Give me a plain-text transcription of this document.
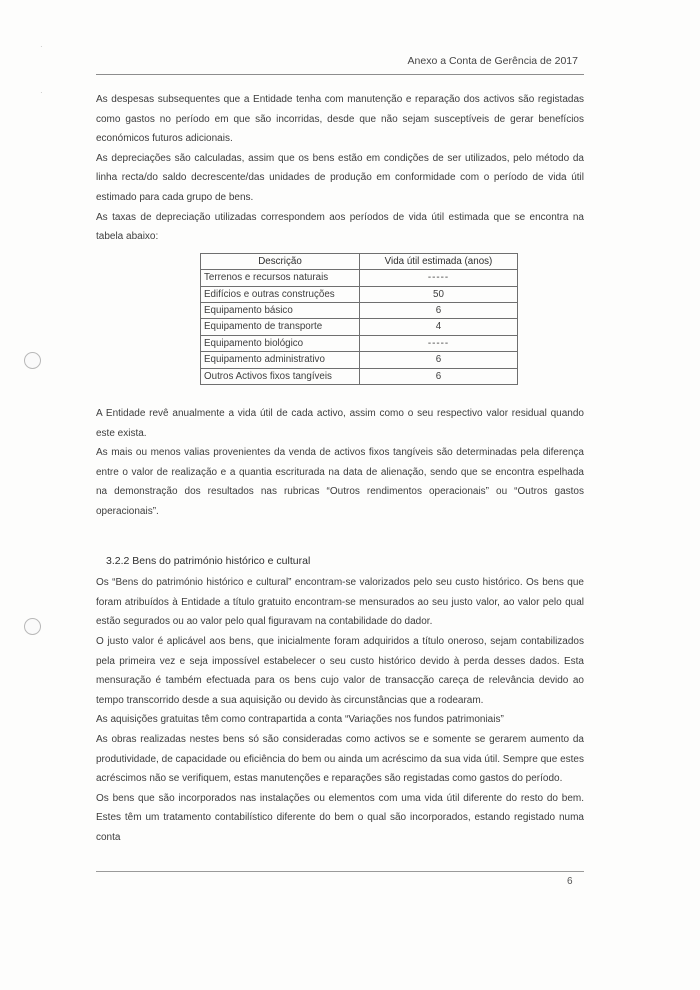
·
·
Anexo a Conta de Gerência de 2017

As despesas subsequentes que a Entidade tenha com manutenção e reparação dos activos são registadas como gastos no período em que são incorridas, desde que não sejam susceptíveis de gerar benefícios económicos futuros adicionais.

As depreciações são calculadas, assim que os bens estão em condições de ser utilizados, pelo método da linha recta/do saldo decrescente/das unidades de produção em conformidade com o período de vida útil estimado para cada grupo de bens.

As taxas de depreciação utilizadas correspondem aos períodos de vida útil estimada que se encontra na tabela abaixo:

Descrição	Vida útil estimada (anos)
Terrenos e recursos naturais	-----
Edifícios e outras construções	50
Equipamento básico	6
Equipamento de transporte	4
Equipamento biológico	-----
Equipamento administrativo	6
Outros Activos fixos tangíveis	6

A Entidade revê anualmente a vida útil de cada activo, assim como o seu respectivo valor residual quando este exista.

As mais ou menos valias provenientes da venda de activos fixos tangíveis são determinadas pela diferença entre o valor de realização e a quantia escriturada na data de alienação, sendo que se encontra espelhada na demonstração dos resultados nas rubricas “Outros rendimentos operacionais” ou “Outros gastos operacionais”.

3.2.2 Bens do património histórico e cultural

Os “Bens do património histórico e cultural” encontram-se valorizados pelo seu custo histórico. Os bens que foram atribuídos à Entidade a título gratuito encontram-se mensurados ao seu justo valor, ao valor pelo qual estão segurados ou ao valor pelo qual figuravam na contabilidade do dador.

O justo valor é aplicável aos bens, que inicialmente foram adquiridos a título oneroso, sejam contabilizados pela primeira vez e seja impossível estabelecer o seu custo histórico devido à perda desses dados. Esta mensuração é também efectuada para os bens cujo valor de transacção careça de relevância devido ao tempo transcorrido desde a sua aquisição ou devido às circunstâncias que a rodearam.

As aquisições gratuitas têm como contrapartida a conta “Variações nos fundos patrimoniais”

As obras realizadas nestes bens só são consideradas como activos se e somente se gerarem aumento da produtividade, de capacidade ou eficiência do bem ou ainda um acréscimo da sua vida útil. Sempre que estes acréscimos não se verifiquem, estas manutenções e reparações são registadas como gastos do período.

Os bens que são incorporados nas instalações ou elementos com uma vida útil diferente do resto do bem. Estes têm um tratamento contabilístico diferente do bem o qual são incorporados, estando registado numa conta

6
